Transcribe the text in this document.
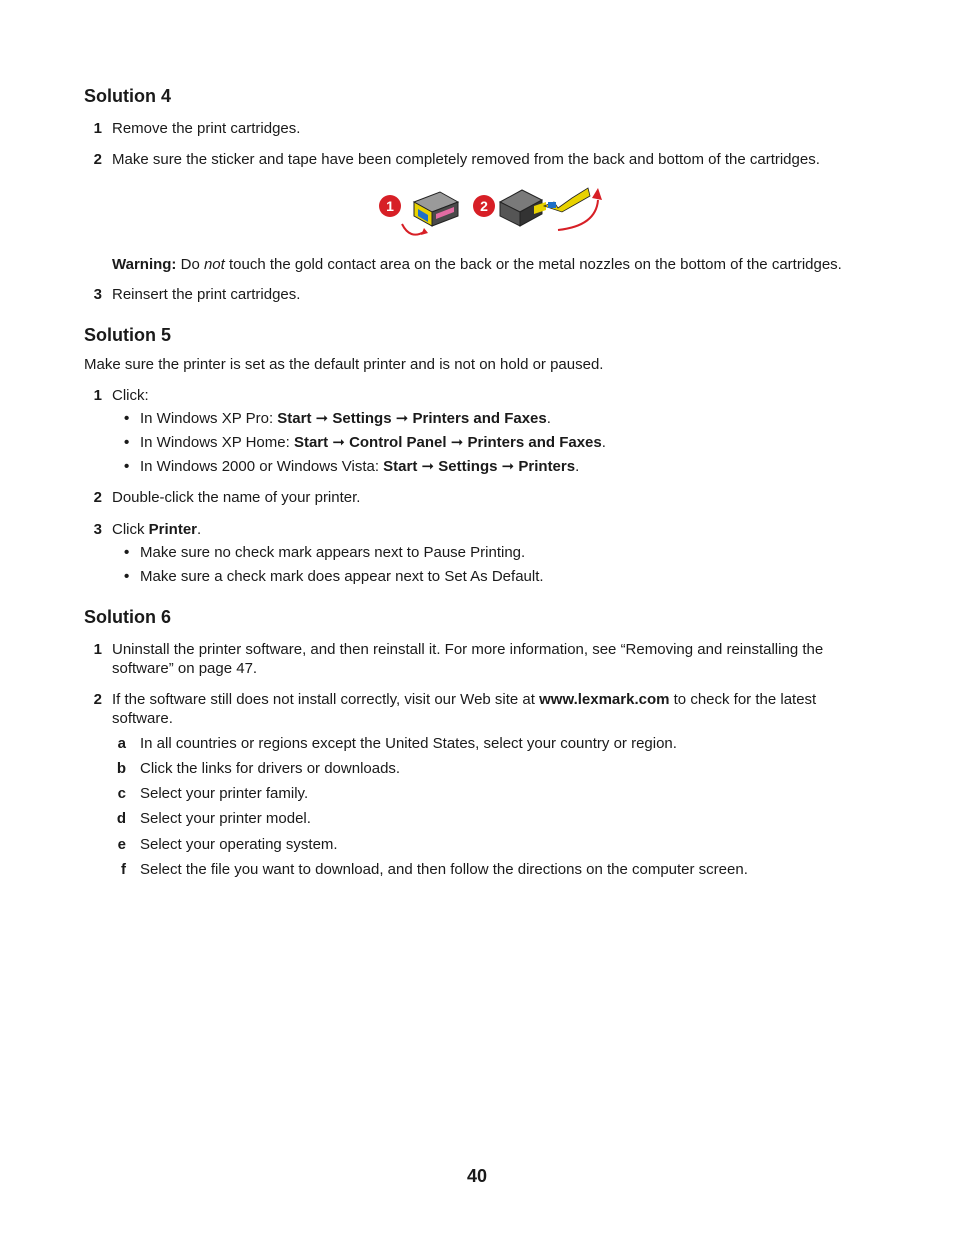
Solution 4
1 Remove the print cartridges.
2 Make sure the sticker and tape have been completely removed from the back and bottom of the cartridges.
1	2
Warning: Do not touch the gold contact area on the back or the metal nozzles on the bottom of the cartridges.
3 Reinsert the print cartridges.
Solution 5
Make sure the printer is set as the default printer and is not on hold or paused.
1 Click:
• In Windows XP Pro: Start ➞ Settings ➞ Printers and Faxes.
• In Windows XP Home: Start ➞ Control Panel ➞ Printers and Faxes.
• In Windows 2000 or Windows Vista: Start ➞ Settings ➞ Printers.
2 Double-click the name of your printer.
3 Click Printer.
• Make sure no check mark appears next to Pause Printing.
• Make sure a check mark does appear next to Set As Default.
Solution 6
1 Uninstall the printer software, and then reinstall it. For more information, see “Removing and reinstalling the
software” on page 47.
2 If the software still does not install correctly, visit our Web site at www.lexmark.com to check for the latest
software.
a In all countries or regions except the United States, select your country or region.
b Click the links for drivers or downloads.
c Select your printer family.
d Select your printer model.
e Select your operating system.
f Select the file you want to download, and then follow the directions on the computer screen.
40
